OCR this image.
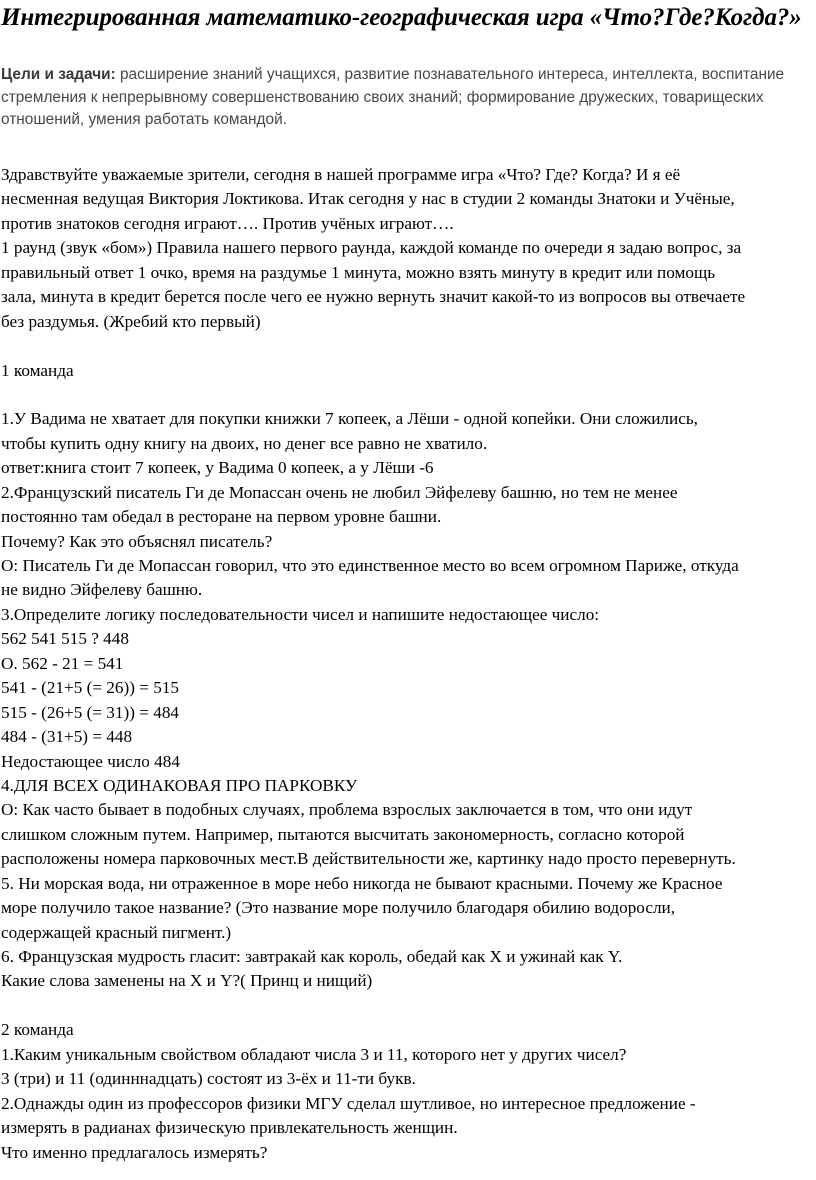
Интегрированная математико-географическая игра «Что?Где?Когда?»

Цели и задачи: расширение знаний учащихся, развитие познавательного интереса, интеллекта, воспитание стремления к непрерывному совершенствованию своих знаний; формирование дружеских, товарищеских отношений, умения работать командой.

Здравствуйте уважаемые зрители, сегодня в нашей программе игра «Что? Где? Когда? И я её
несменная ведущая Виктория Локтикова. Итак сегодня у нас в студии 2 команды Знатоки и Учёные,
против знатоков сегодня играют…. Против учёных играют….
1 раунд (звук «бом») Правила нашего первого раунда, каждой команде по очереди я задаю вопрос, за
правильный ответ 1 очко, время на раздумье 1 минута, можно взять минуту в кредит или помощь
зала, минута в кредит берется после чего ее нужно вернуть значит какой-то из вопросов вы отвечаете
без раздумья. (Жребий кто первый)
1 команда
1.У Вадима не хватает для покупки книжки 7 копеек, а Лёши - одной копейки. Они сложились,
чтобы купить одну книгу на двоих, но денег все равно не хватило.
ответ:книга стоит 7 копеек, у Вадима 0 копеек, а у Лёши -6
2.Французский писатель Ги де Мопассан очень не любил Эйфелеву башню, но тем не менее
постоянно там обедал в ресторане на первом уровне башни.
Почему? Как это объяснял писатель?
О: Писатель Ги де Мопассан говорил, что это единственное место во всем огромном Париже, откуда
не видно Эйфелеву башню.
3.Определите логику последовательности чисел и напишите недостающее число:
562 541 515 ? 448
О. 562 - 21 = 541
541 - (21+5 (= 26)) = 515
515 - (26+5 (= 31)) = 484
484 - (31+5) = 448
Недостающее число 484
4.ДЛЯ ВСЕХ ОДИНАКОВАЯ ПРО ПАРКОВКУ
О: Как часто бывает в подобных случаях, проблема взрослых заключается в том, что они идут
слишком сложным путем. Например, пытаются высчитать закономерность, согласно которой
расположены номера парковочных мест.В действительности же, картинку надо просто перевернуть.
5. Ни морская вода, ни отраженное в море небо никогда не бывают красными. Почему же Красное
море получило такое название? (Это название море получило благодаря обилию водоросли,
содержащей красный пигмент.)
6. Французская мудрость гласит: завтракай как король, обедай как X и ужинай как Y.
Какие слова заменены на X и Y?( Принц и нищий)
2 команда
1.Каким уникальным свойством обладают числа 3 и 11, которого нет у других чисел?
3 (три) и 11 (одинннадцать) состоят из 3-ёх и 11-ти букв.
2.Однажды один из профессоров физики МГУ сделал шутливое, но интересное предложение -
измерять в радианах физическую привлекательность женщин.
Что именно предлагалось измерять?
